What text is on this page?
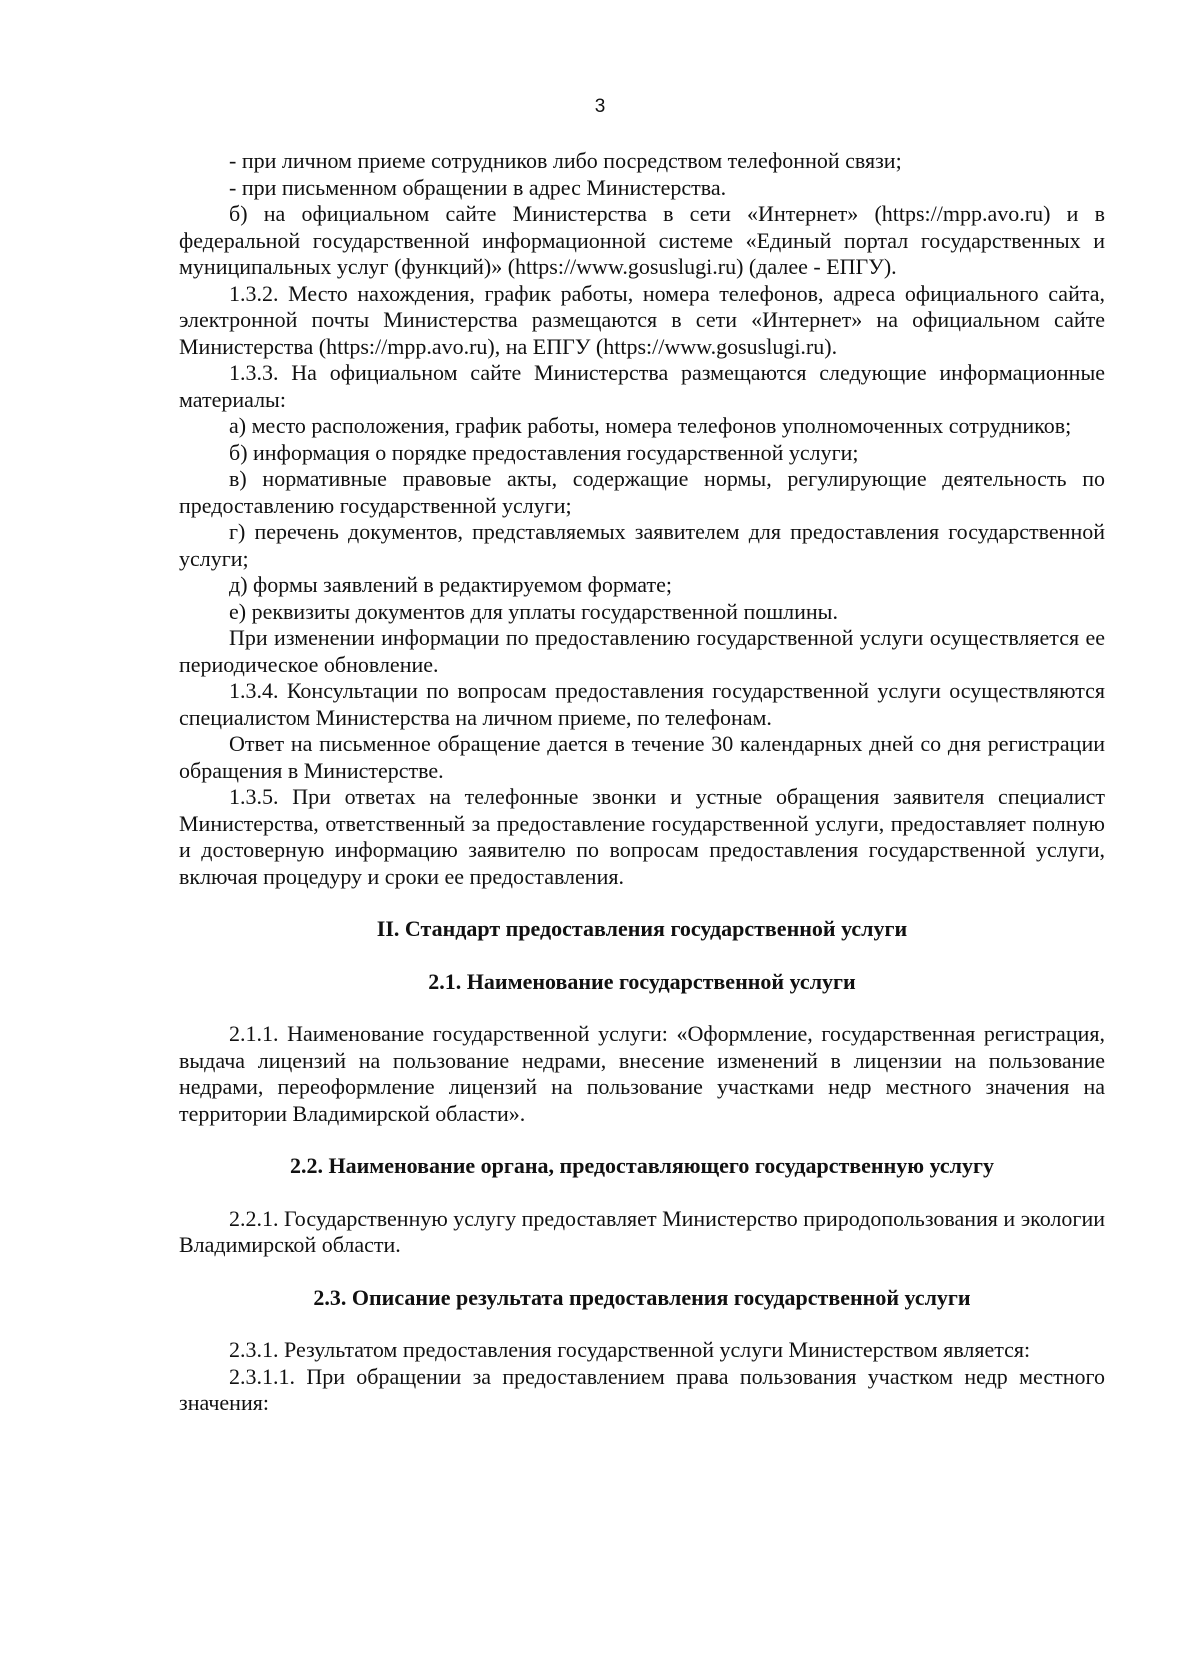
3

- при личном приеме сотрудников либо посредством телефонной связи;

- при письменном обращении в адрес Министерства.

б) на официальном сайте Министерства в сети «Интернет» (https://mpp.avo.ru) и в федеральной государственной информационной системе «Единый портал государственных и муниципальных услуг (функций)» (https://www.gosuslugi.ru) (далее - ЕПГУ).

1.3.2. Место нахождения, график работы, номера телефонов, адреса официального сайта, электронной почты Министерства размещаются в сети «Интернет» на официальном сайте Министерства (https://mpp.avo.ru), на ЕПГУ (https://www.gosuslugi.ru).

1.3.3. На официальном сайте Министерства размещаются следующие информационные материалы:

а) место расположения, график работы, номера телефонов уполномоченных сотрудников;

б) информация о порядке предоставления государственной услуги;

в) нормативные правовые акты, содержащие нормы, регулирующие деятельность по предоставлению государственной услуги;

г) перечень документов, представляемых заявителем для предоставления государственной услуги;

д) формы заявлений в редактируемом формате;

е) реквизиты документов для уплаты государственной пошлины.

При изменении информации по предоставлению государственной услуги осуществляется ее периодическое обновление.

1.3.4. Консультации по вопросам предоставления государственной услуги осуществляются специалистом Министерства на личном приеме, по телефонам.

Ответ на письменное обращение дается в течение 30 календарных дней со дня регистрации обращения в Министерстве.

1.3.5. При ответах на телефонные звонки и устные обращения заявителя специалист Министерства, ответственный за предоставление государственной услуги, предоставляет полную и достоверную информацию заявителю по вопросам предоставления государственной услуги, включая процедуру и сроки ее предоставления.

II. Стандарт предоставления государственной услуги
2.1. Наименование государственной услуги

2.1.1. Наименование государственной услуги: «Оформление, государственная регистрация, выдача лицензий на пользование недрами, внесение изменений в лицензии на пользование недрами, переоформление лицензий на пользование участками недр местного значения на территории Владимирской области».

2.2. Наименование органа, предоставляющего государственную услугу

2.2.1. Государственную услугу предоставляет Министерство природопользования и экологии Владимирской области.

2.3. Описание результата предоставления государственной услуги

2.3.1. Результатом предоставления государственной услуги Министерством является:

2.3.1.1. При обращении за предоставлением права пользования участком недр местного значения:
